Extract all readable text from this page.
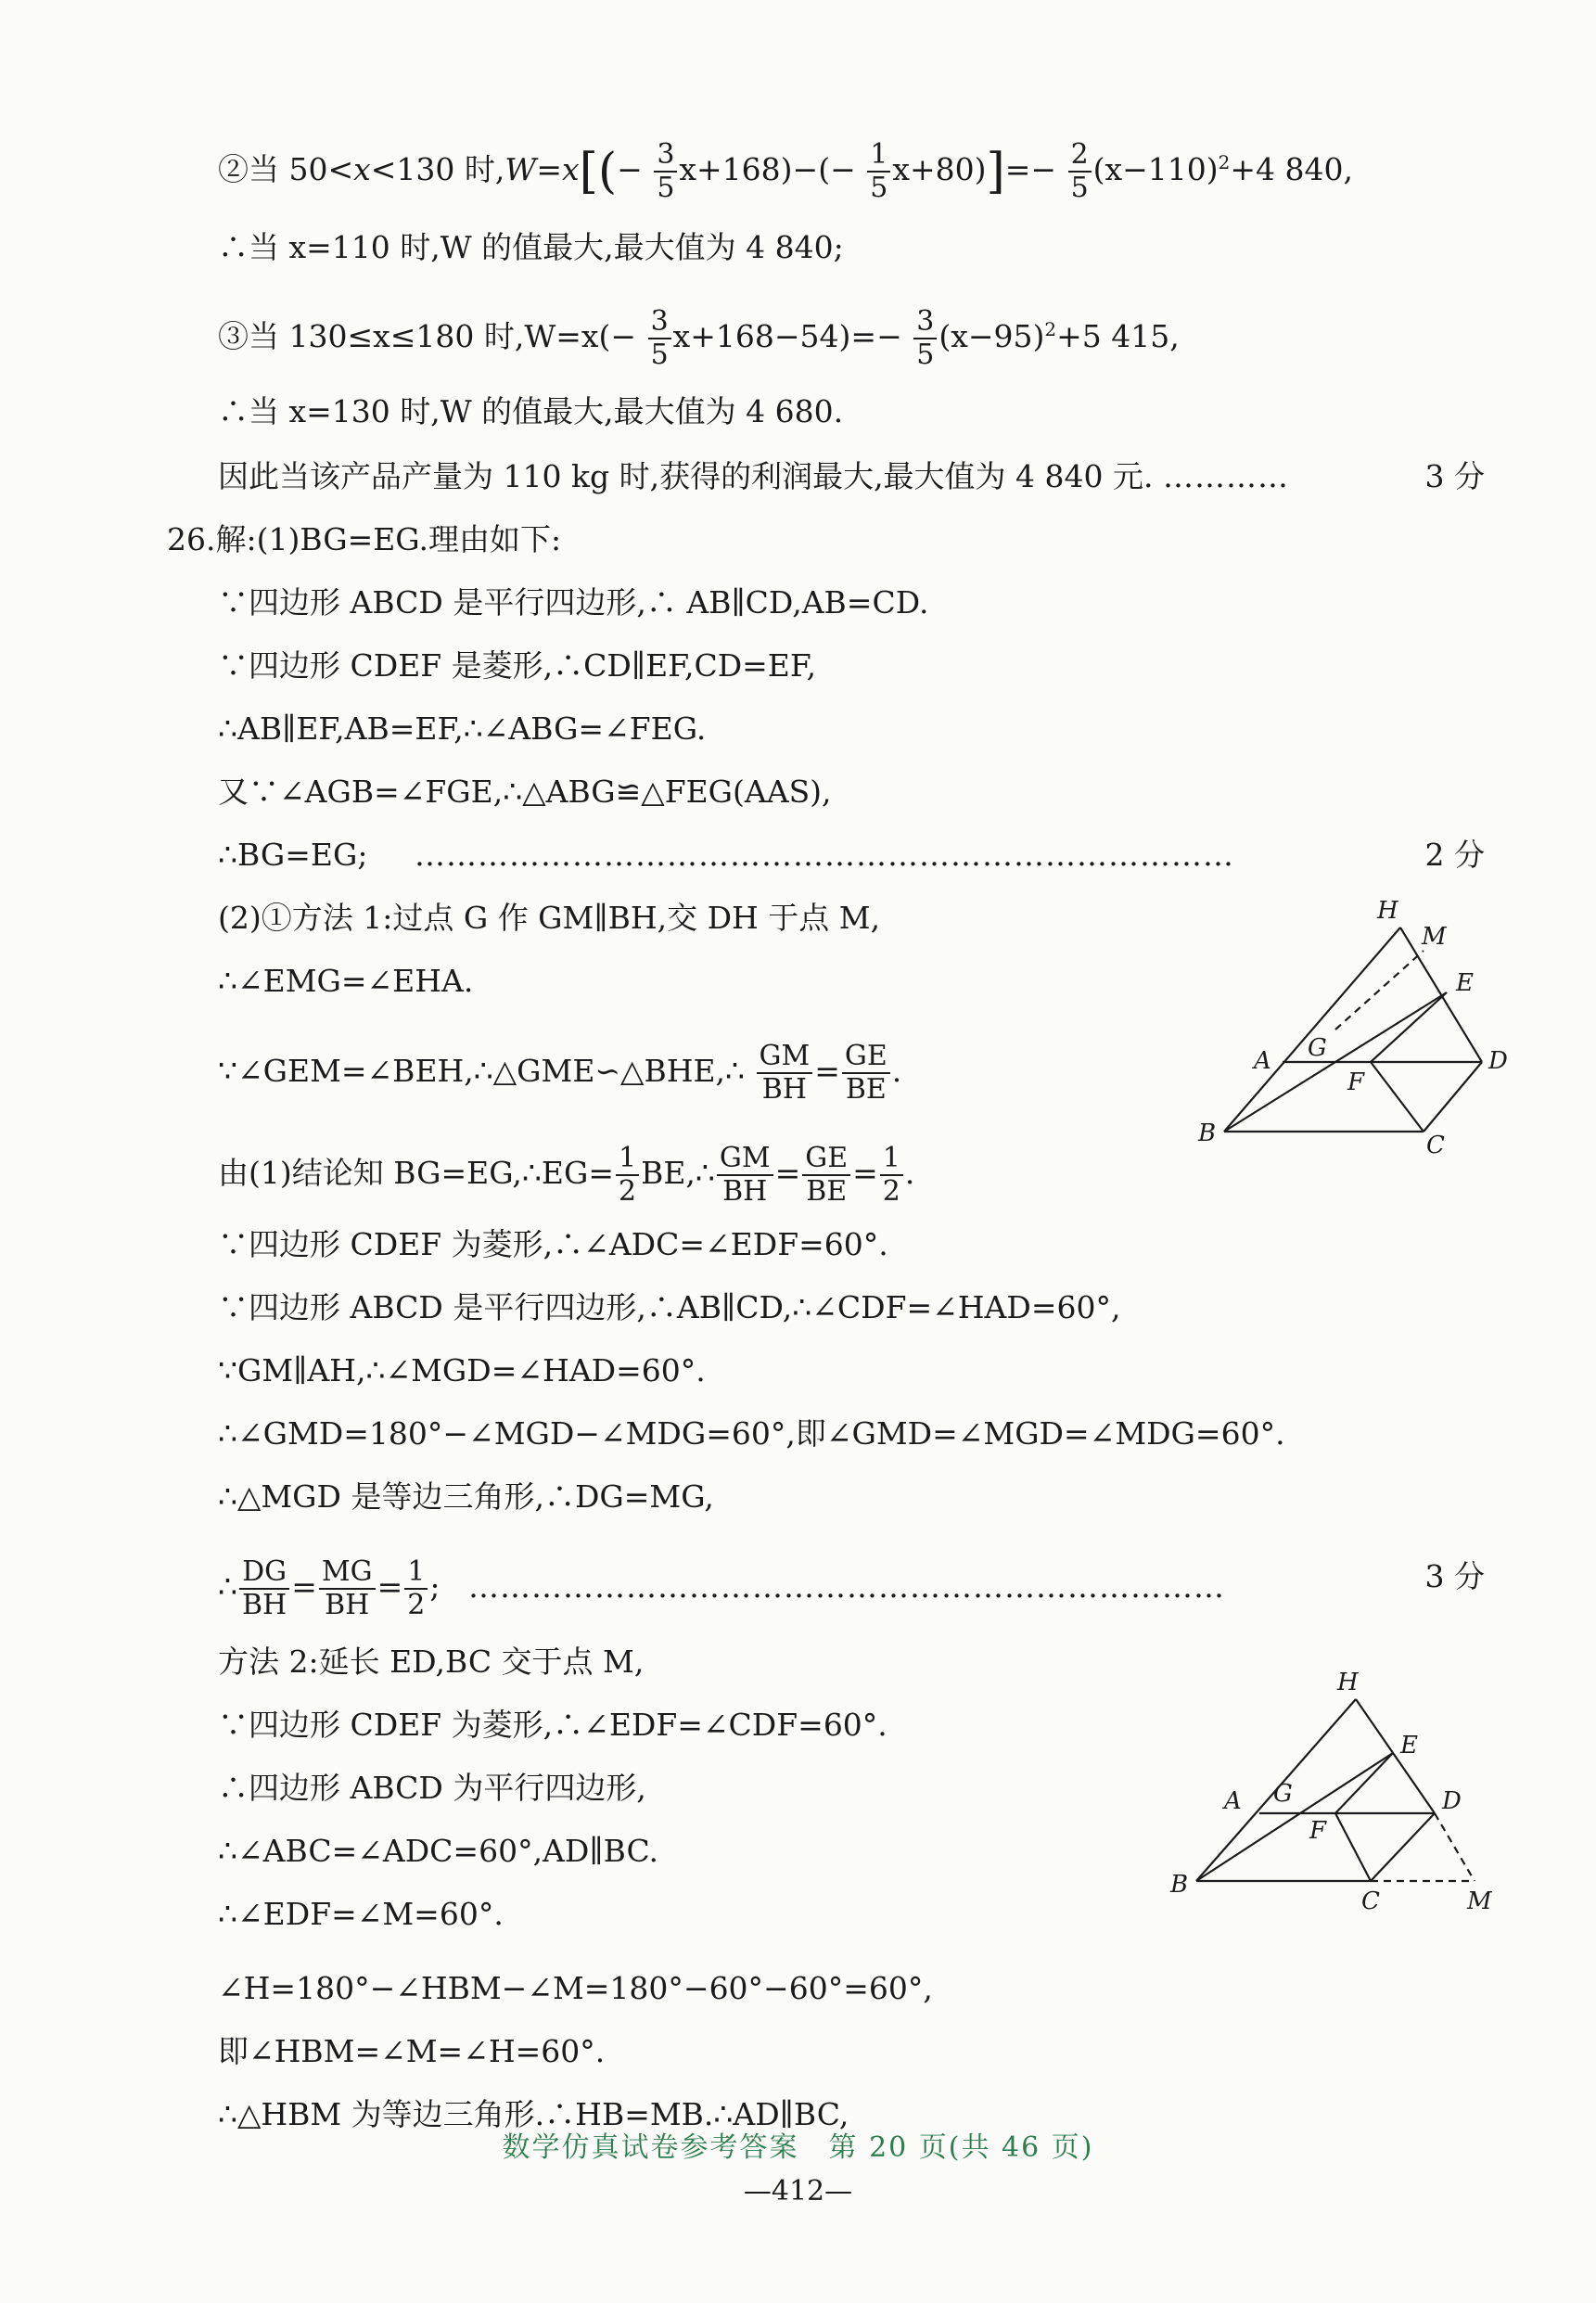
②当 50<x<130 时$,W=x[(- \frac{3}{5} x+168)-(- \frac{1}{5} x+80)]=- \frac{2}{5} (x-110)^2+4$ 840,
∴当 x=110 时,W 的值最大,最大值为 4 840;
③当 130≤x≤180 时$,W=x(- \frac{3}{5} x+168-54)=- \frac{3}{5} (x-95)^2+5$ 415,
∴当 x=130 时,W 的值最大,最大值为 4 680.
因此当该产品产量为 110 kg 时,获得的利润最大,最大值为 4 840 元. …………	3 分
26.解:(1)BG=EG.理由如下:
∵四边形 ABCD 是平行四边形,∴ AB∥CD,AB=CD.
∵四边形 CDEF 是菱形,∴CD∥EF,CD=EF,
∴AB∥EF,AB=EF,∴∠ABG=∠FEG.
又∵∠AGB=∠FGE,∴△ABG≌△FEG(AAS),
∴BG=EG; ……………………………………………………………………	2 分
(2)①方法 1:过点 G 作 GM∥BH,交 DH 于点 M,
∴∠EMG=∠EHA.
∵∠GEM=∠BEH,∴△GME∽△BHE,∴ $\frac{GM}{BH} = \frac{GE}{BE}$ .
由(1)结论知 BG=EG,∴EG= $\frac{1}{2}$ BE,∴ $\frac{GM}{BH} = \frac{GE}{BE} = \frac{1}{2}$ .
∵四边形 CDEF 为菱形,∴∠ADC=∠EDF=60°.
∵四边形 ABCD 是平行四边形,∴AB∥CD,∴∠CDF=∠HAD=60°,
∵GM∥AH,∴∠MGD=∠HAD=60°.
∴∠GMD=180°−∠MGD−∠MDG=60°,即∠GMD=∠MGD=∠MDG=60°.
∴△MGD 是等边三角形,∴DG=MG,
∴ $\frac{DG}{BH} = \frac{MG}{BH} = \frac{1}{2}$ ; ………………………………………………………………	3 分
方法 2:延长 ED,BC 交于点 M,
∵四边形 CDEF 为菱形,∴∠EDF=∠CDF=60°.
∴四边形 ABCD 为平行四边形,
∴∠ABC=∠ADC=60°,AD∥BC.
∴∠EDF=∠M=60°.
∠H=180°−∠HBM−∠M=180°−60°−60°=60°,
即∠HBM=∠M=∠H=60°.
∴△HBM 为等边三角形.∴HB=MB.∴AD∥BC,
H
M
E
A G
F
D
B	C
H
E
A G	D
F
B
C	M
数学仿真试卷参考答案　第 20 页(共 46 页)
—412—
